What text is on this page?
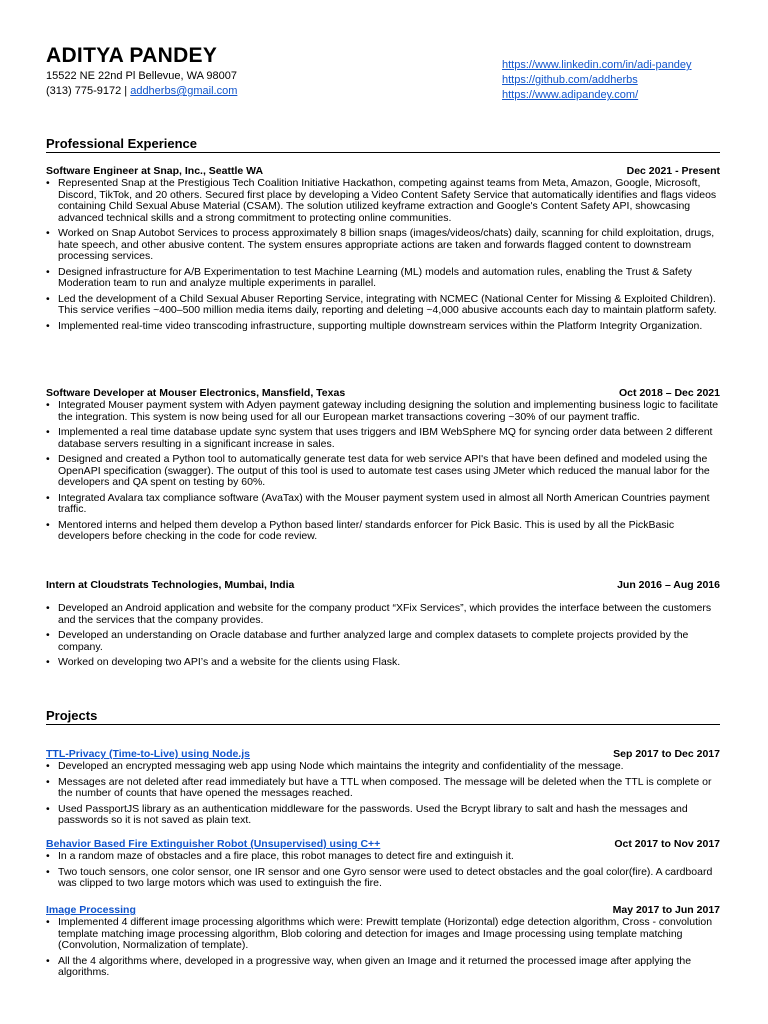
ADITYA PANDEY
15522 NE 22nd Pl Bellevue, WA 98007
(313) 775-9172 | addherbs@gmail.com
https://www.linkedin.com/in/adi-pandey
https://github.com/addherbs
https://www.adipandey.com/
Professional Experience
Software Engineer at Snap, Inc., Seattle WA	Dec 2021 - Present
• Represented Snap at the Prestigious Tech Coalition Initiative Hackathon, competing against teams from Meta, Amazon, Google, Microsoft, Discord, TikTok, and 20 others. Secured first place by developing a Video Content Safety Service that automatically identifies and flags videos containing Child Sexual Abuse Material (CSAM). The solution utilized keyframe extraction and Google's Content Safety API, showcasing advanced technical skills and a strong commitment to protecting online communities.
• Worked on Snap Autobot Services to process approximately 8 billion snaps (images/videos/chats) daily, scanning for child exploitation, drugs, hate speech, and other abusive content. The system ensures appropriate actions are taken and forwards flagged content to downstream processing services.
• Designed infrastructure for A/B Experimentation to test Machine Learning (ML) models and automation rules, enabling the Trust & Safety Moderation team to run and analyze multiple experiments in parallel.
• Led the development of a Child Sexual Abuser Reporting Service, integrating with NCMEC (National Center for Missing & Exploited Children). This service verifies ~400–500 million media items daily, reporting and deleting ~4,000 abusive accounts each day to maintain platform safety.
• Implemented real-time video transcoding infrastructure, supporting multiple downstream services within the Platform Integrity Organization.
Software Developer at Mouser Electronics, Mansfield, Texas	Oct 2018 – Dec 2021
• Integrated Mouser payment system with Adyen payment gateway including designing the solution and implementing business logic to facilitate the integration. This system is now being used for all our European market transactions covering ~30% of our payment traffic.
• Implemented a real time database update sync system that uses triggers and IBM WebSphere MQ for syncing order data between 2 different database servers resulting in a significant increase in sales.
• Designed and created a Python tool to automatically generate test data for web service API's that have been defined and modeled using the OpenAPI specification (swagger). The output of this tool is used to automate test cases using JMeter which reduced the manual labor for the developers and QA spent on testing by 60%.
• Integrated Avalara tax compliance software (AvaTax) with the Mouser payment system used in almost all North American Countries payment traffic.
• Mentored interns and helped them develop a Python based linter/ standards enforcer for Pick Basic. This is used by all the PickBasic developers before checking in the code for code review.
Intern at Cloudstrats Technologies, Mumbai, India	Jun 2016 – Aug 2016
• Developed an Android application and website for the company product “XFix Services”, which provides the interface between the customers and the services that the company provides.
• Developed an understanding on Oracle database and further analyzed large and complex datasets to complete projects provided by the company.
• Worked on developing two API’s and a website for the clients using Flask.
Projects
TTL-Privacy (Time-to-Live) using Node.js	Sep 2017 to Dec 2017
• Developed an encrypted messaging web app using Node which maintains the integrity and confidentiality of the message.
• Messages are not deleted after read immediately but have a TTL when composed. The message will be deleted when the TTL is complete or the number of counts that have opened the messages reached.
• Used PassportJS library as an authentication middleware for the passwords. Used the Bcrypt library to salt and hash the messages and passwords so it is not saved as plain text.
Behavior Based Fire Extinguisher Robot (Unsupervised) using C++	Oct 2017 to Nov 2017
• In a random maze of obstacles and a fire place, this robot manages to detect fire and extinguish it.
• Two touch sensors, one color sensor, one IR sensor and one Gyro sensor were used to detect obstacles and the goal color(fire). A cardboard was clipped to two large motors which was used to extinguish the fire.
Image Processing	May 2017 to Jun 2017
• Implemented 4 different image processing algorithms which were: Prewitt template (Horizontal) edge detection algorithm, Cross - convolution template matching image processing algorithm, Blob coloring and detection for images and Image processing using template matching (Convolution, Normalization of template).
• All the 4 algorithms where, developed in a progressive way, when given an Image and it returned the processed image after applying the algorithms.
